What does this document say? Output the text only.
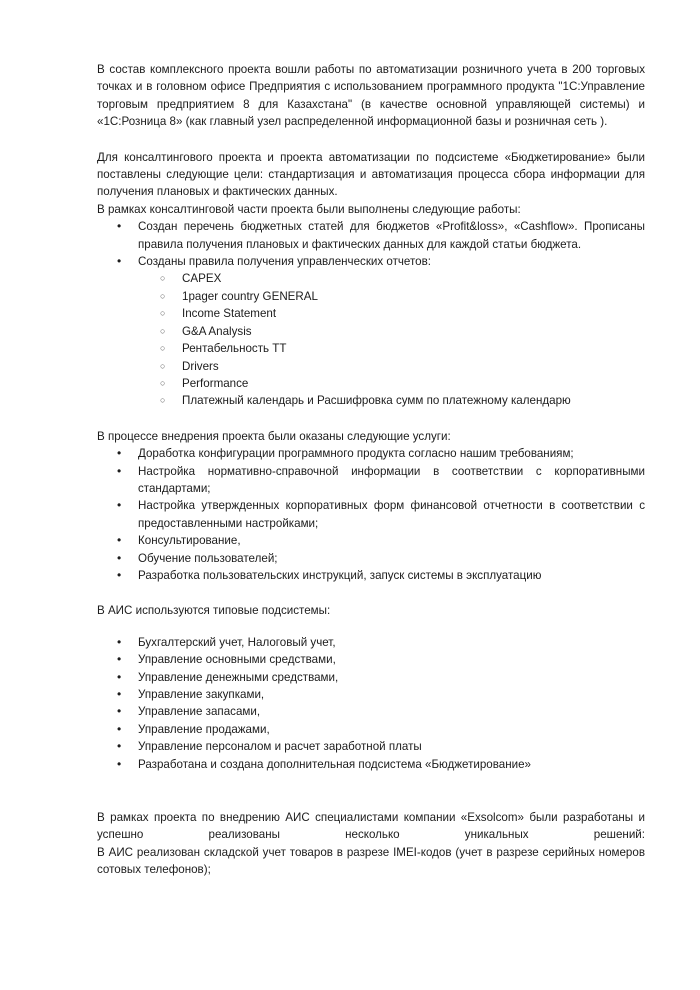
В состав комплексного проекта вошли работы по автоматизации розничного учета в 200 торговых точках и в головном офисе Предприятия с использованием программного продукта "1С:Управление торговым предприятием 8 для Казахстана" (в качестве основной управляющей системы) и «1С:Розница 8» (как главный узел распределенной информационной базы и розничная сеть ).

Для консалтингового проекта и проекта автоматизации по подсистеме «Бюджетирование» были поставлены следующие цели: стандартизация и автоматизация процесса сбора информации для получения плановых и фактических данных.

В рамках консалтинговой части проекта были выполнены следующие работы:

• Создан перечень бюджетных статей для бюджетов «Profit&loss», «Cashflow». Прописаны правила получения плановых и фактических данных для каждой статьи бюджета.
• Созданы правила получения управленческих отчетов:
○ CAPEX
○ 1pager country GENERAL
○ Income Statement
○ G&A Analysis
○ Рентабельность ТТ
○ Drivers
○ Performance
○ Платежный календарь и Расшифровка сумм по платежному календарю

В процессе внедрения проекта были оказаны следующие услуги:

• Доработка конфигурации программного продукта согласно нашим требованиям;
• Настройка нормативно-справочной информации в соответствии с корпоративными стандартами;
• Настройка утвержденных корпоративных форм финансовой отчетности в соответствии с предоставленными настройками;
• Консультирование,
• Обучение пользователей;
• Разработка пользовательских инструкций, запуск системы в эксплуатацию

В АИС используются типовые подсистемы:

• Бухгалтерский учет, Налоговый учет,
• Управление основными средствами,
• Управление денежными средствами,
• Управление закупками,
• Управление запасами,
• Управление продажами,
• Управление персоналом и расчет заработной платы
• Разработана и создана дополнительная подсистема «Бюджетирование»

В рамках проекта по внедрению АИС специалистами компании «Exsolcom» были разработаны и

успешно реализованы несколько уникальных решений:

В АИС реализован складской учет товаров в разрезе IMEI-кодов (учет в разрезе серийных номеров сотовых телефонов);
